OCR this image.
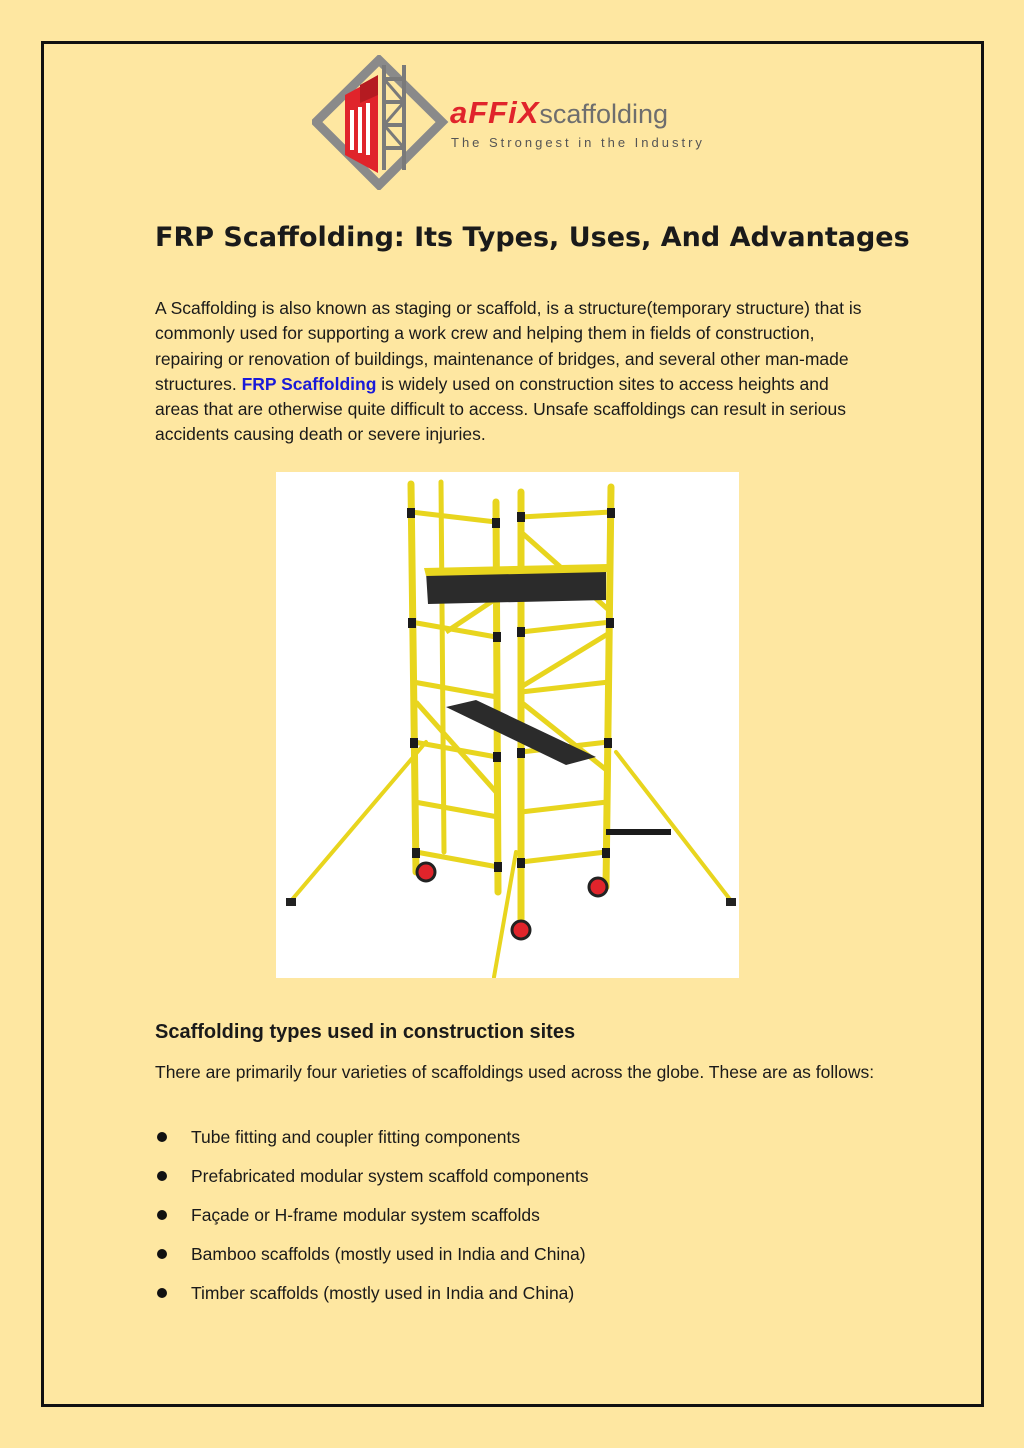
aFFiXscaffolding
The Strongest in the Industry
FRP Scaffolding: Its Types, Uses, And Advantages

A Scaffolding is also known as staging or scaffold, is a structure(temporary structure) that is commonly used for supporting a work crew and helping them in fields of construction, repairing or renovation of buildings, maintenance of bridges, and several other man-made structures. FRP Scaffolding is widely used on construction sites to access heights and areas that are otherwise quite difficult to access. Unsafe scaffoldings can result in serious accidents causing death or severe injuries.

Scaffolding types used in construction sites

There are primarily four varieties of scaffoldings used across the globe. These are as follows:

Tube fitting and coupler fitting components
Prefabricated modular system scaffold components
Façade or H-frame modular system scaffolds
Bamboo scaffolds (mostly used in India and China)
Timber scaffolds (mostly used in India and China)
